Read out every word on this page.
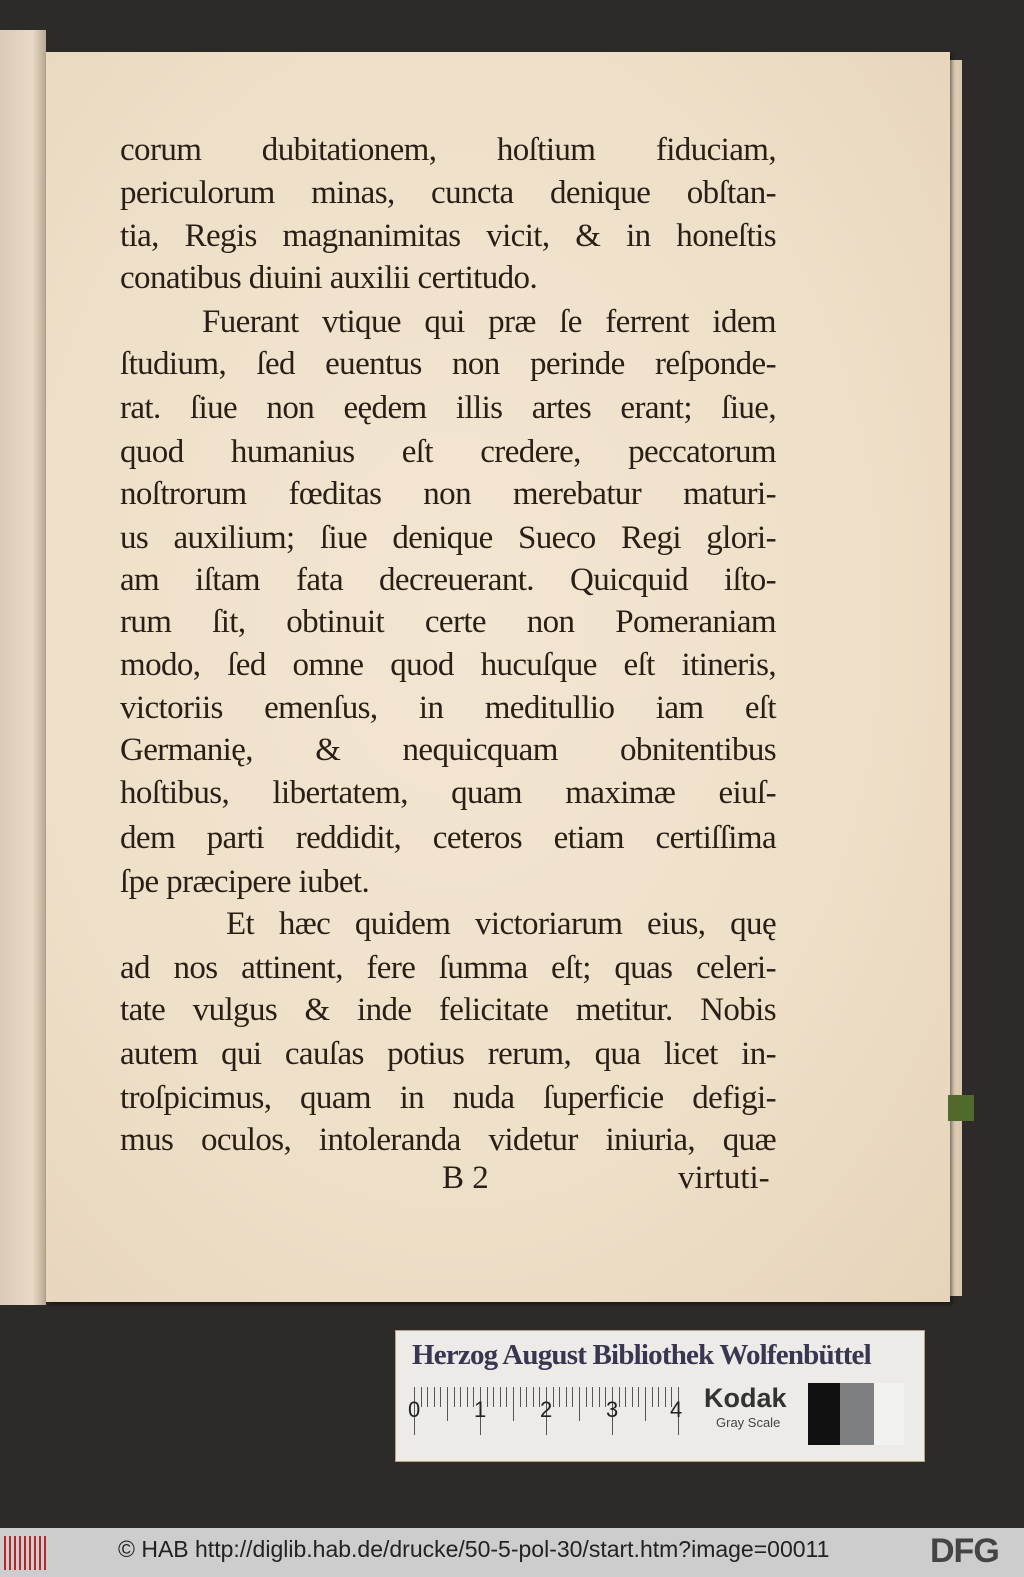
corum dubitationem, hoſtium fiduciam,
periculorum minas, cuncta denique obſtan-
tia, Regis magnanimitas vicit, & in honeſtis
conatibus diuini auxilii certitudo.
Fuerant vtique qui præ ſe ferrent idem
ſtudium, ſed euentus non perinde reſponde-
rat. ſiue non eędem illis artes erant; ſiue,
quod humanius eſt credere, peccatorum
noſtrorum fœditas non merebatur maturi-
us auxilium; ſiue denique Sueco Regi glori-
am iſtam fata decreuerant. Quicquid iſto-
rum ſit, obtinuit certe non Pomeraniam
modo, ſed omne quod hucuſque eſt itineris,
victoriis emenſus, in meditullio iam eſt
Germanię, & nequicquam obnitentibus
hoſtibus, libertatem, quam maximæ eiuſ-
dem parti reddidit, ceteros etiam certiſſima
ſpe præcipere iubet.
Et hæc quidem victoriarum eius, quę
ad nos attinent, fere ſumma eſt; quas celeri-
tate vulgus & inde felicitate metitur. Nobis
autem qui cauſas potius rerum, qua licet in-
troſpicimus, quam in nuda ſuperficie defigi-
mus oculos, intoleranda videtur iniuria, quæ
B 2	virtuti-
Herzog August Bibliothek Wolfenbüttel
0 1 2 3 4 Kodak
Gray Scale
© HAB http://diglib.hab.de/drucke/50-5-pol-30/start.htm?image=00011	DFG
